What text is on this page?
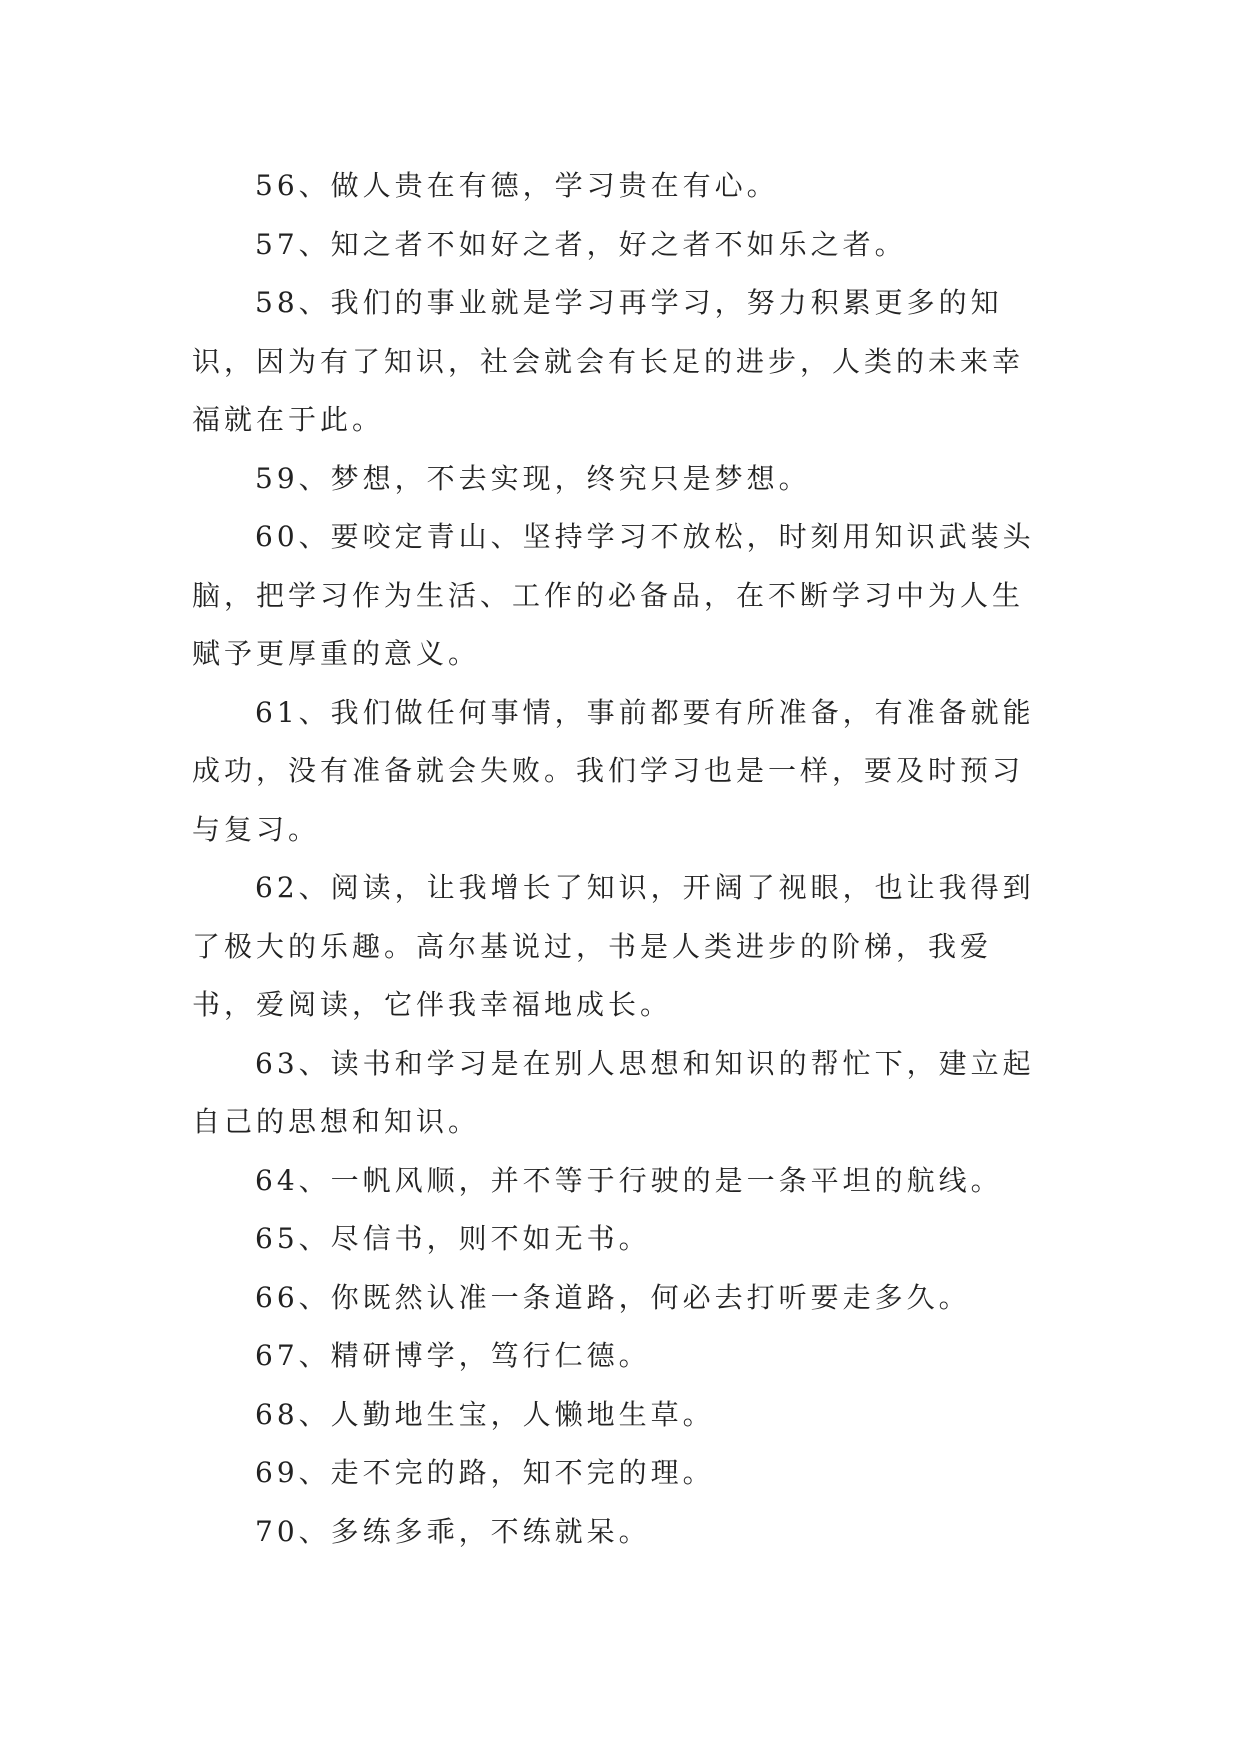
56、做人贵在有德，学习贵在有心。

57、知之者不如好之者，好之者不如乐之者。

58、我们的事业就是学习再学习，努力积累更多的知识，因为有了知识，社会就会有长足的进步，人类的未来幸福就在于此。

59、梦想，不去实现，终究只是梦想。

60、要咬定青山、坚持学习不放松，时刻用知识武装头脑，把学习作为生活、工作的必备品，在不断学习中为人生赋予更厚重的意义。

61、我们做任何事情，事前都要有所准备，有准备就能成功，没有准备就会失败。我们学习也是一样，要及时预习与复习。

62、阅读，让我增长了知识，开阔了视眼，也让我得到了极大的乐趣。高尔基说过，书是人类进步的阶梯，我爱书，爱阅读，它伴我幸福地成长。

63、读书和学习是在别人思想和知识的帮忙下，建立起自己的思想和知识。

64、一帆风顺，并不等于行驶的是一条平坦的航线。

65、尽信书，则不如无书。

66、你既然认准一条道路，何必去打听要走多久。

67、精研博学，笃行仁德。

68、人勤地生宝，人懒地生草。

69、走不完的路，知不完的理。

70、多练多乖，不练就呆。
